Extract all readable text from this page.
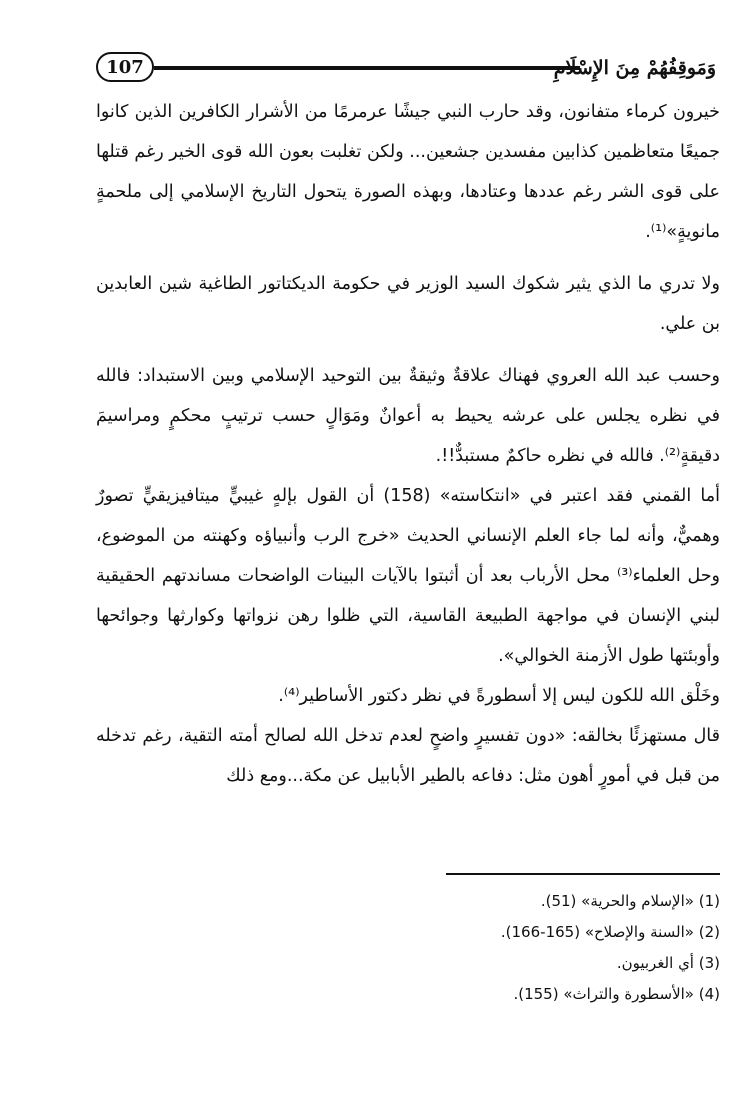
107	وَمَوقِفُهُمْ مِنَ الإِسْلَامِ

خيرون كرماء متفانون، وقد حارب النبي جيشًا عرمرمًا من الأشرار الكافرين الذين كانوا جميعًا متعاظمين كذابين مفسدين جشعين... ولكن تغلبت بعون الله قوى الخير رغم قتلها على قوى الشر رغم عددها وعتادها، وبهذه الصورة يتحول التاريخ الإسلامي إلى ملحمةٍ مانويةٍ»⁽¹⁾.

ولا تدري ما الذي يثير شكوك السيد الوزير في حكومة الديكتاتور الطاغية شين العابدين بن علي.

وحسب عبد الله العروي فهناك علاقةٌ وثيقةٌ بين التوحيد الإسلامي وبين الاستبداد: فالله في نظره يجلس على عرشه يحيط به أعوانٌ ومَوَالٍ حسب ترتيبٍ محكمٍ ومراسيمَ دقيقةٍ⁽²⁾. فالله في نظره حاكمٌ مستبدٌّ!!.

أما القمني فقد اعتبر في «انتكاسته» (158) أن القول بإلهٍ غيبيٍّ ميتافيزيقيٍّ تصورٌ وهميٌّ، وأنه لما جاء العلم الإنساني الحديث «خرج الرب وأنبياؤه وكهنته من الموضوع، وحل العلماء⁽³⁾ محل الأرباب بعد أن أثبتوا بالآيات البينات الواضحات مساندتهم الحقيقية لبني الإنسان في مواجهة الطبيعة القاسية، التي ظلوا رهن نزواتها وكوارثها وجوائحها وأوبئتها طول الأزمنة الخوالي».

وخَلْق الله للكون ليس إلا أسطورةً في نظر دكتور الأساطير⁽⁴⁾.

قال مستهزئًا بخالقه: «دون تفسيرٍ واضحٍ لعدم تدخل الله لصالح أمته التقية، رغم تدخله من قبل في أمورٍ أهون مثل: دفاعه بالطير الأبابيل عن مكة...ومع ذلك

(1) «الإسلام والحرية» (51).
(2) «السنة والإصلاح» (165-166).
(3) أي الغربيون.
(4) «الأسطورة والتراث» (155).
